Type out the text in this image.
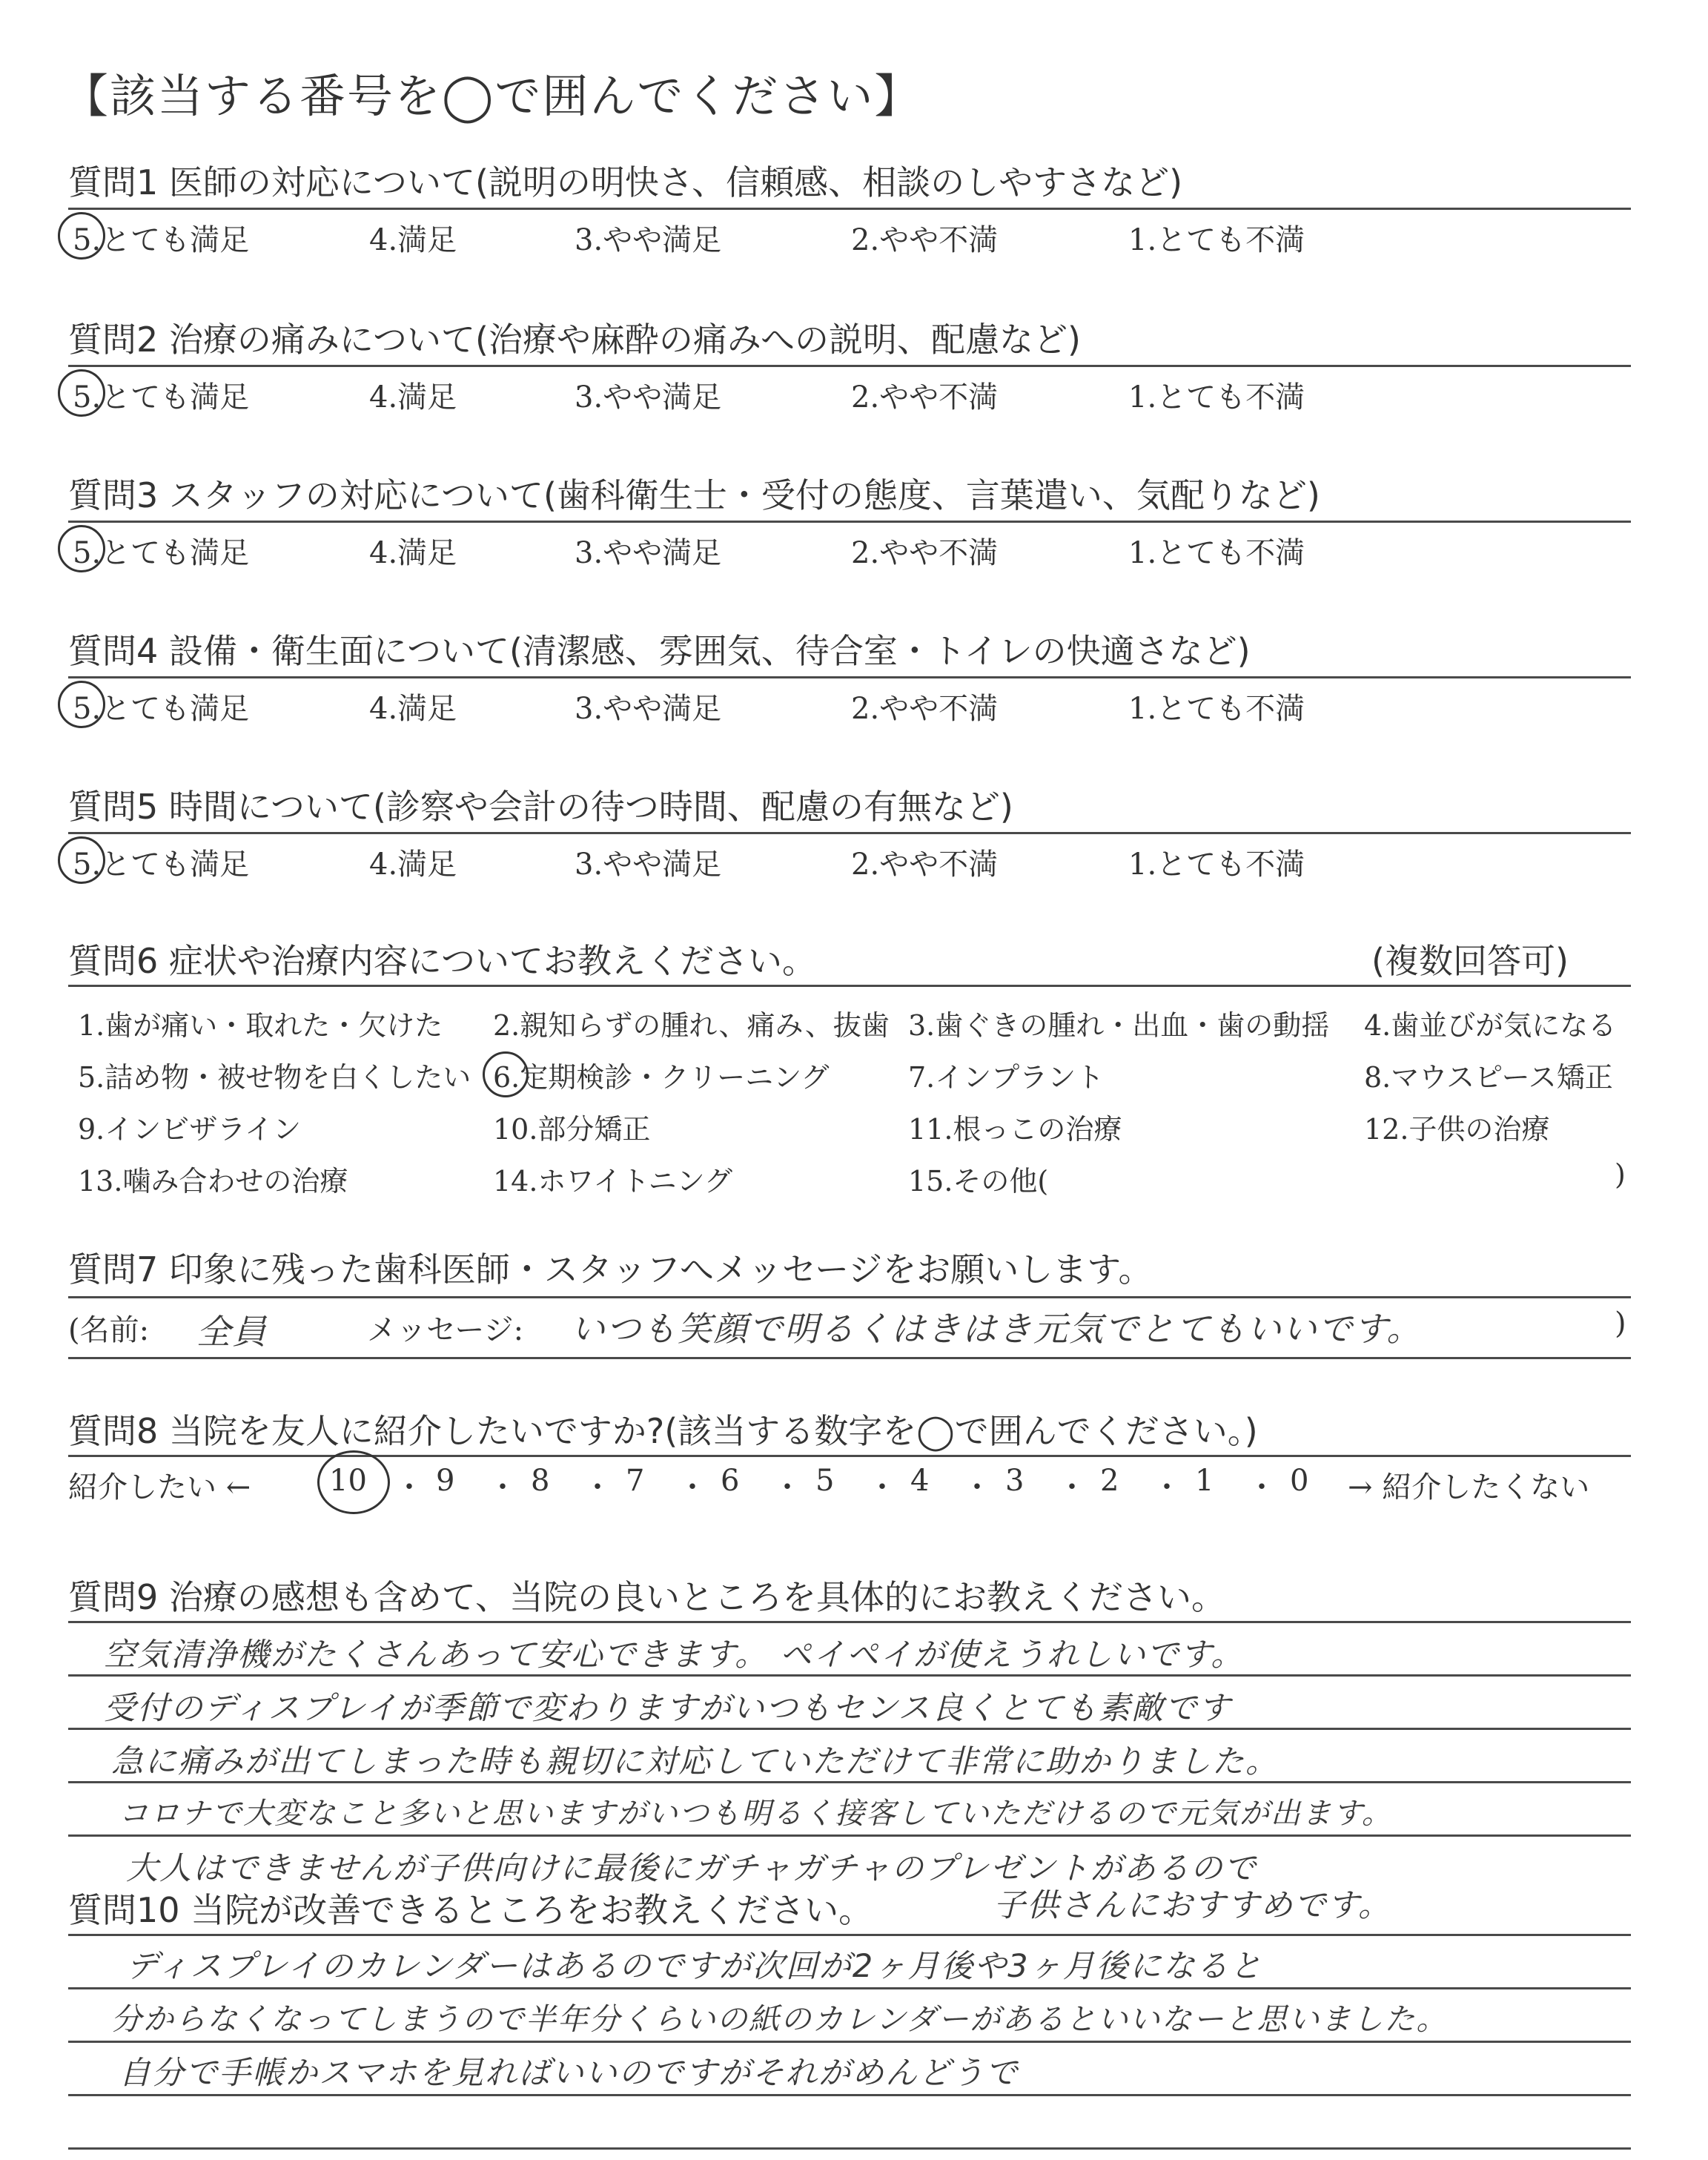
【該当する番号を◯で囲んでください】
質問1 医師の対応について(説明の明快さ、信頼感、相談のしやすさなど)
5.とても満足	4.満足	3.やや満足	2.やや不満	1.とても不満
質問2 治療の痛みについて(治療や麻酔の痛みへの説明、配慮など)
5.とても満足	4.満足	3.やや満足	2.やや不満	1.とても不満
質問3 スタッフの対応について(歯科衛生士・受付の態度、言葉遣い、気配りなど)
5.とても満足	4.満足	3.やや満足	2.やや不満	1.とても不満
質問4 設備・衛生面について(清潔感、雰囲気、待合室・トイレの快適さなど)
5.とても満足	4.満足	3.やや満足	2.やや不満	1.とても不満
質問5 時間について(診察や会計の待つ時間、配慮の有無など)
5.とても満足	4.満足	3.やや満足	2.やや不満	1.とても不満
質問6 症状や治療内容についてお教えください。	(複数回答可)
1.歯が痛い・取れた・欠けた 2.親知らずの腫れ、痛み、抜歯 3.歯ぐきの腫れ・出血・歯の動揺 4.歯並びが気になる
5.詰め物・被せ物を白くしたい 6.定期検診・クリーニング	7.インプラント	8.マウスピース矯正
9.インビザライン	10.部分矯正	11.根っこの治療	12.子供の治療
13.噛み合わせの治療	14.ホワイトニング	15.その他(	)
質問7 印象に残った歯科医師・スタッフへメッセージをお願いします。
(名前: 全員	メッセージ: いつも笑顔で明るくはきはき元気でとてもいいです。	)
質問8 当院を友人に紹介したいですか?(該当する数字を◯で囲んでください。)
紹介したい ←	10 ・ 9 ・ 8 ・ 7 ・ 6 ・ 5 ・ 4 ・ 3 ・ 2 ・ 1 ・ 0 → 紹介したくない
質問9 治療の感想も含めて、当院の良いところを具体的にお教えください。
空気清浄機がたくさんあって安心できます。 ペイペイが使えうれしいです。
受付のディスプレイが季節で変わりますがいつもセンス良くとても素敵です
急に痛みが出てしまった時も親切に対応していただけて非常に助かりました。
コロナで大変なこと多いと思いますがいつも明るく接客していただけるので元気が出ます。
大人はできませんが子供向けに最後にガチャガチャのプレゼントがあるので
質問10 当院が改善できるところをお教えください。	子供さんにおすすめです。
ディスプレイのカレンダーはあるのですが次回が2ヶ月後や3ヶ月後になると
分からなくなってしまうので半年分くらいの紙のカレンダーがあるといいなーと思いました。
自分で手帳かスマホを見ればいいのですがそれがめんどうで
